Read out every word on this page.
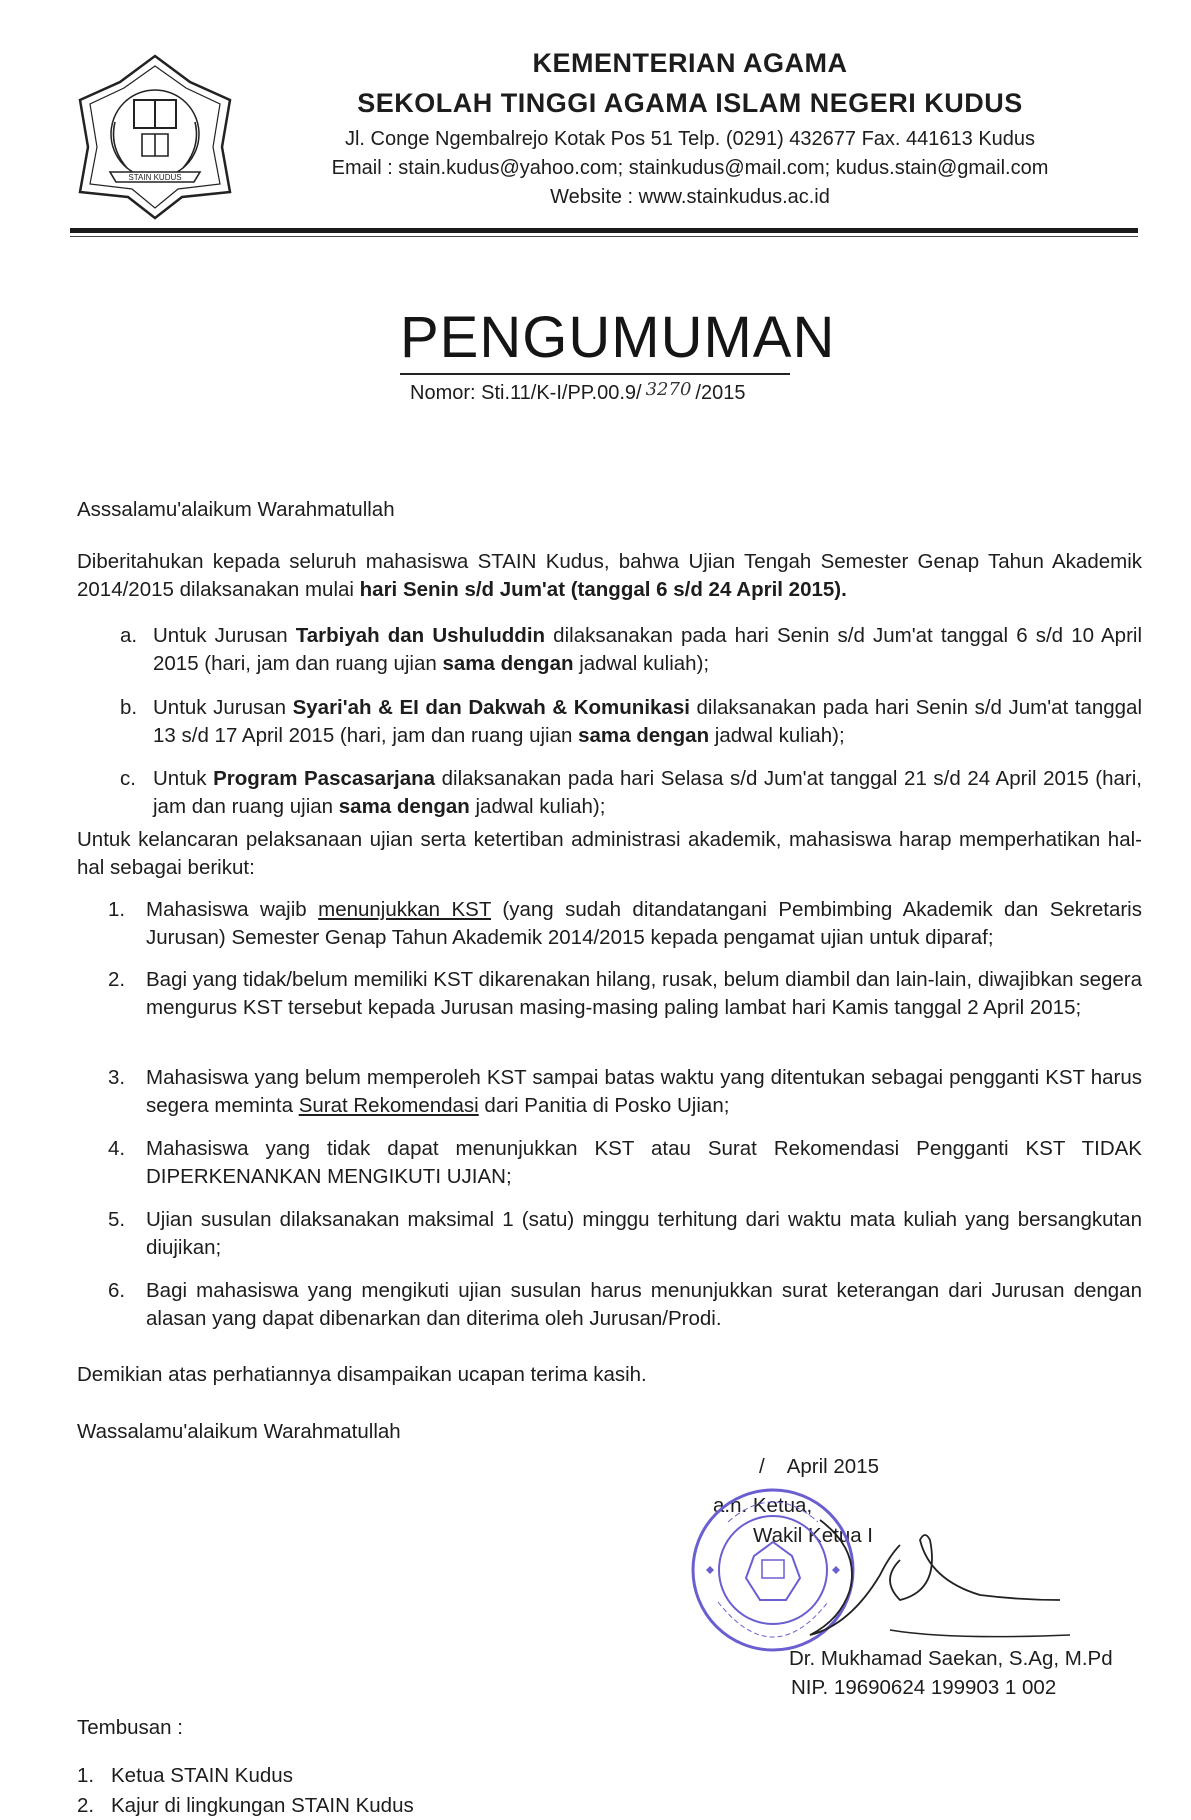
STAIN KUDUS
KEMENTERIAN AGAMA
SEKOLAH TINGGI AGAMA ISLAM NEGERI KUDUS
Jl. Conge Ngembalrejo Kotak Pos 51 Telp. (0291) 432677 Fax. 441613 Kudus
Email : stain.kudus@yahoo.com; stainkudus@mail.com; kudus.stain@gmail.com
Website : www.stainkudus.ac.id
PENGUMUMAN
Nomor: Sti.11/K-I/PP.00.9/ 3270 /2015
Asssalamu'alaikum Warahmatullah
Diberitahukan kepada seluruh mahasiswa STAIN Kudus, bahwa Ujian Tengah Semester Genap Tahun Akademik 2014/2015 dilaksanakan mulai hari Senin s/d Jum'at (tanggal 6 s/d 24 April 2015).
a. Untuk Jurusan Tarbiyah dan Ushuluddin dilaksanakan pada hari Senin s/d Jum'at tanggal 6 s/d 10 April 2015 (hari, jam dan ruang ujian sama dengan jadwal kuliah);
b. Untuk Jurusan Syari'ah & EI dan Dakwah & Komunikasi dilaksanakan pada hari Senin s/d Jum'at tanggal 13 s/d 17 April 2015 (hari, jam dan ruang ujian sama dengan jadwal kuliah);
c. Untuk Program Pascasarjana dilaksanakan pada hari Selasa s/d Jum'at tanggal 21 s/d 24 April 2015 (hari, jam dan ruang ujian sama dengan jadwal kuliah);
Untuk kelancaran pelaksanaan ujian serta ketertiban administrasi akademik, mahasiswa harap memperhatikan hal-hal sebagai berikut:
1.	Mahasiswa wajib menunjukkan KST (yang sudah ditandatangani Pembimbing Akademik dan Sekretaris Jurusan) Semester Genap Tahun Akademik 2014/2015 kepada pengamat ujian untuk diparaf;
2.	Bagi yang tidak/belum memiliki KST dikarenakan hilang, rusak, belum diambil dan lain-lain, diwajibkan segera mengurus KST tersebut kepada Jurusan masing-masing paling lambat hari Kamis tanggal 2 April 2015;
3.	Mahasiswa yang belum memperoleh KST sampai batas waktu yang ditentukan sebagai pengganti KST harus segera meminta Surat Rekomendasi dari Panitia di Posko Ujian;
4.	Mahasiswa yang tidak dapat menunjukkan KST atau Surat Rekomendasi Pengganti KST TIDAK DIPERKENANKAN MENGIKUTI UJIAN;
5.	Ujian susulan dilaksanakan maksimal 1 (satu) minggu terhitung dari waktu mata kuliah yang bersangkutan diujikan;
6.	Bagi mahasiswa yang mengikuti ujian susulan harus menunjukkan surat keterangan dari Jurusan dengan alasan yang dapat dibenarkan dan diterima oleh Jurusan/Prodi.
Demikian atas perhatiannya disampaikan ucapan terima kasih.
Wassalamu'alaikum Warahmatullah
/ April 2015
a.n. Ketua,
Wakil Ketua I
Dr. Mukhamad Saekan, S.Ag, M.Pd
NIP. 19690624 199903 1 002
Tembusan :
1. Ketua STAIN Kudus
2. Kajur di lingkungan STAIN Kudus
